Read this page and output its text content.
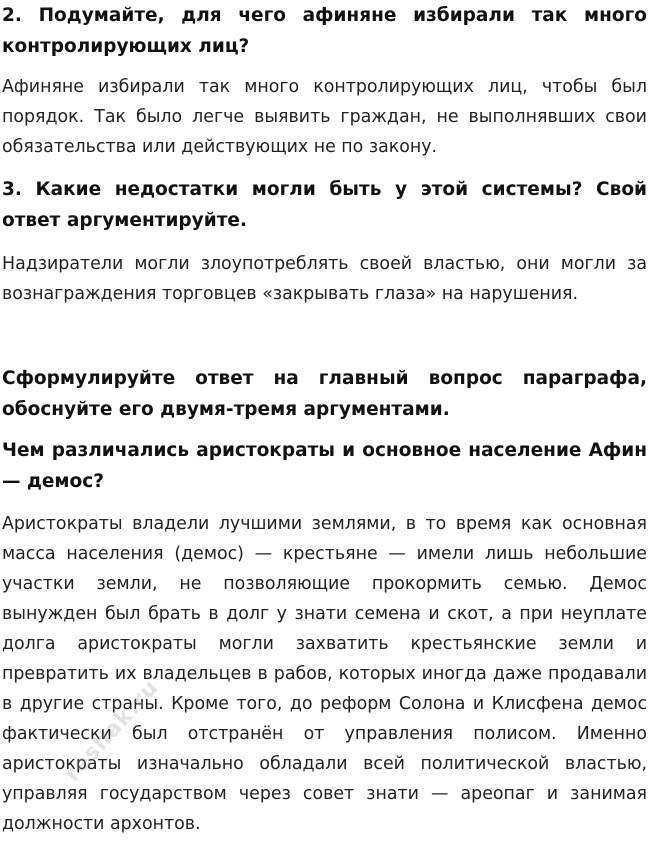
2. Подумайте, для чего афиняне избирали так много контролирующих лиц?

Афиняне избирали так много контролирующих лиц, чтобы был порядок. Так было легче выявить граждан, не выполнявших свои обязательства или действующих не по закону.

3. Какие недостатки могли быть у этой системы? Свой ответ аргументируйте.

Надзиратели могли злоупотреблять своей властью, они могли за вознаграждения торговцев «закрывать глаза» на нарушения.

Сформулируйте ответ на главный вопрос параграфа, обоснуйте его двумя-тремя аргументами.

Чем различались аристократы и основное население Афин — демос?

Аристократы владели лучшими землями, в то время как основная масса населения (демос) — крестьяне — имели лишь небольшие участки земли, не позволяющие прокормить семью. Демос вынужден был брать в долг у знати семена и скот, а при неуплате долга аристократы могли захватить крестьянские земли и превратить их владельцев в рабов, которых иногда даже продавали в другие страны. Кроме того, до реформ Солона и Клисфена демос фактически был отстранён от управления полисом. Именно аристократы изначально обладали всей политической властью, управляя государством через совет знати — ареопаг и занимая должности архонтов.

reshak.ru
